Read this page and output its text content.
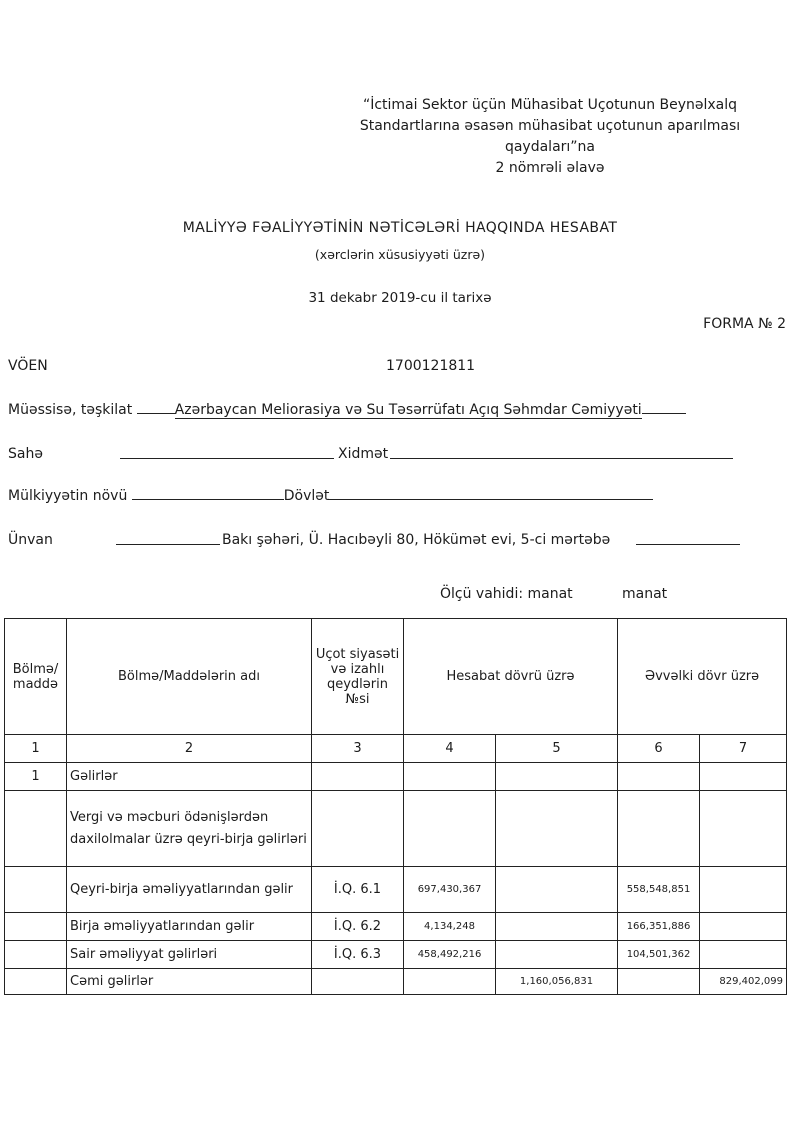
“İctimai Sektor üçün Mühasibat Uçotunun Beynəlxalq
Standartlarına əsasən mühasibat uçotunun aparılması
qaydaları”na
2 nömrəli əlavə
MALİYYƏ FƏALİYYƏTİNİN NƏTİCƏLƏRİ HAQQINDA HESABAT
(xərclərin xüsusiyyəti üzrə)
31 dekabr 2019-cu il tarixə
FORMA № 2
VÖEN	1700121811
Müəssisə, təşkilat	Azərbaycan Meliorasiya və Su Təsərrüfatı Açıq Səhmdar Cəmiyyəti
Sahə	Xidmət
Mülkiyyətin növü	Dövlət
Ünvan	Bakı şəhəri, Ü. Hacıbəyli 80, Hökümət evi, 5-ci mərtəbə
Ölçü vahidi: manat	manat
Bölmə/ maddə	Bölmə/Maddələrin adı	Uçot siyasəti və izahlı qeydlərin №si	Hesabat dövrü üzrə		Əvvəlki dövr üzrə	
1	2	3	4	5	6	7
1	Gəlirlər					
	Vergi və məcburi ödənişlərdən daxilolmalar üzrə qeyri-birja gəlirləri					
	Qeyri-birja əməliyyatlarından gəlir	İ.Q. 6.1	697,430,367		558,548,851	
	Birja əməliyyatlarından gəlir	İ.Q. 6.2	4,134,248		166,351,886	
	Sair əməliyyat gəlirləri	İ.Q. 6.3	458,492,216		104,501,362	
	Cəmi gəlirlər			1,160,056,831		829,402,099
